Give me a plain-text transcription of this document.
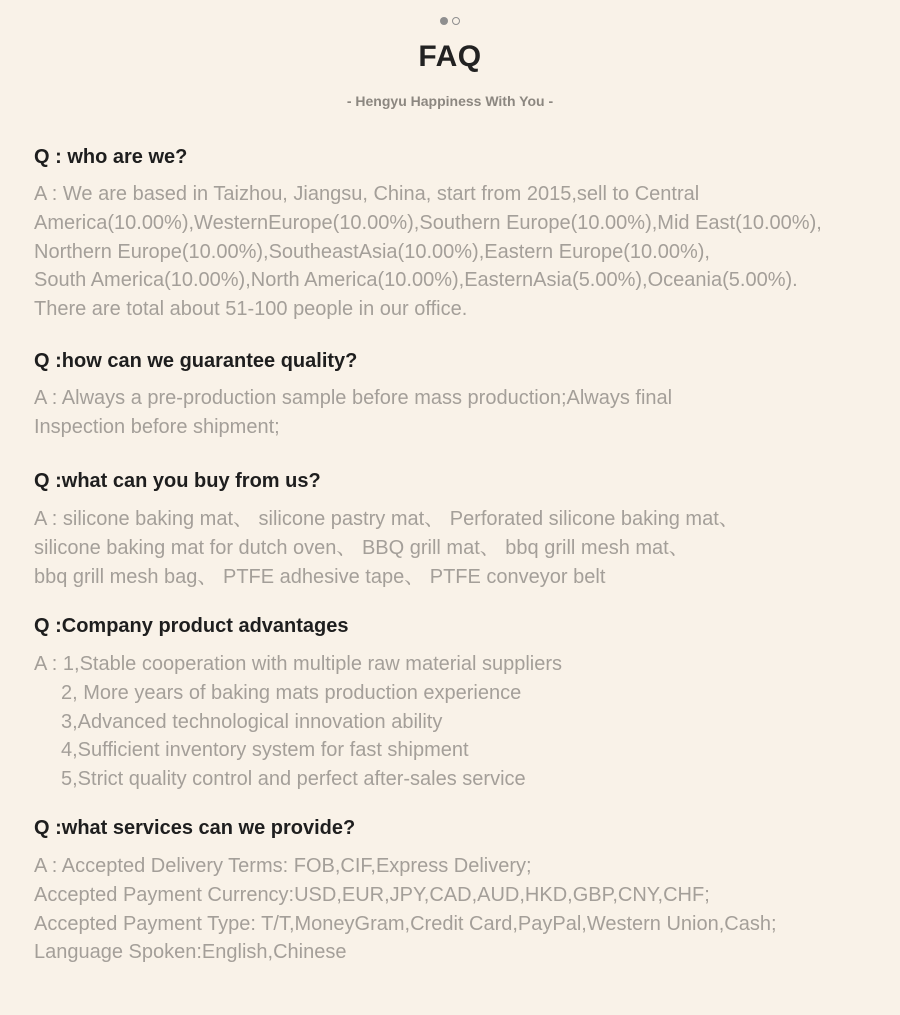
FAQ
- Hengyu Happiness With You -

Q : who are we?

A : We are based in Taizhou, Jiangsu, China, start from 2015,sell to Central
America(10.00%),WesternEurope(10.00%),Southern Europe(10.00%),Mid East(10.00%),
Northern Europe(10.00%),SoutheastAsia(10.00%),Eastern Europe(10.00%),
South America(10.00%),North America(10.00%),EasternAsia(5.00%),Oceania(5.00%).
There are total about 51-100 people in our office.

Q :how can we guarantee quality?

A : Always a pre-production sample before mass production;Always final
Inspection before shipment;

Q :what can you buy from us?

A : silicone baking mat、 silicone pastry mat、 Perforated silicone baking mat、
silicone baking mat for dutch oven、 BBQ grill mat、 bbq grill mesh mat、
bbq grill mesh bag、 PTFE adhesive tape、 PTFE conveyor belt

Q :Company product advantages

A : 1,Stable cooperation with multiple raw material suppliers
2, More years of baking mats production experience
3,Advanced technological innovation ability
4,Sufficient inventory system for fast shipment
5,Strict quality control and perfect after-sales service

Q :what services can we provide?

A : Accepted Delivery Terms: FOB,CIF,Express Delivery;
Accepted Payment Currency:USD,EUR,JPY,CAD,AUD,HKD,GBP,CNY,CHF;
Accepted Payment Type: T/T,MoneyGram,Credit Card,PayPal,Western Union,Cash;
Language Spoken:English,Chinese
